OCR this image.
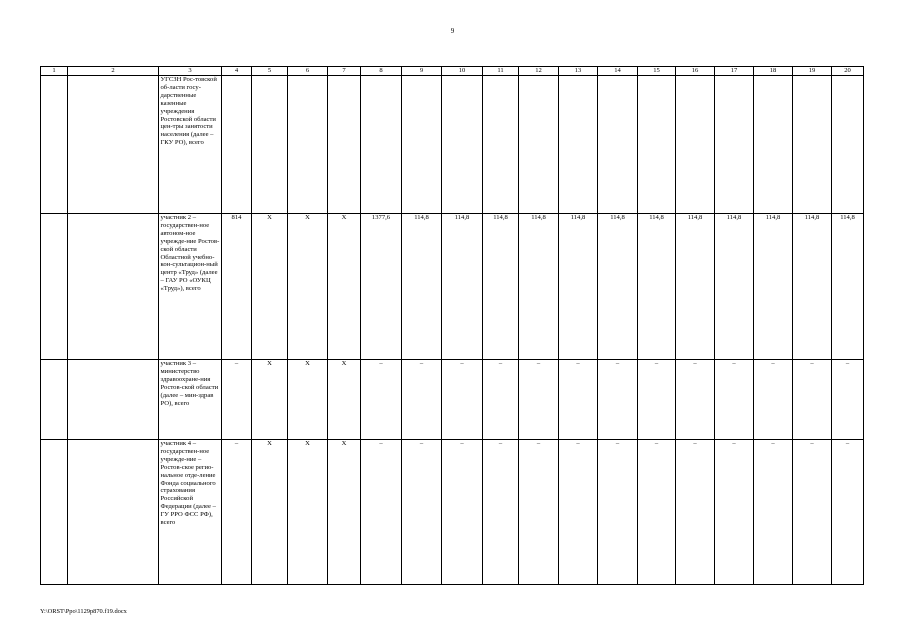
9
1	2	3	4	5	6	7	8	9	10	11	12	13	14	15	16	17	18	19	20
		УГСЗН Рос-товской об-ласти госу-дарственные казенные учреждения Ростовской области цен-тры занятости населения (далее – ГКУ РО), всего																	
		участник 2 – государствен-ное автоном-ное учрежде-ние Ростов-ской области Областной учебно-кон-сультацион-ный центр «Труд» (далее – ГАУ РО «ОУКЦ «Труд»), всего	814	Х	Х	Х	1377,6	114,8	114,8	114,8	114,8	114,8	114,8	114,8	114,8	114,8	114,8	114,8	114,8
		участник 3 – министерство здравоохране-ния Ростов-ской области (далее – мин-здрав РО), всего	–	Х	Х	Х	–	–	–	–	–	–	–	–	–	–	–	–	–
		участник 4 – государствен-ное учрежде-ние – Ростов-ское регио-нальное отде-ление Фонда социального страхования Российской Федерации (далее – ГУ РРО ФСС РФ), всего	–	Х	Х	Х	–	–	–	–	–	–	–	–	–	–	–	–	–
Y:\ORST\Ppo\1129p870.f19.docx
